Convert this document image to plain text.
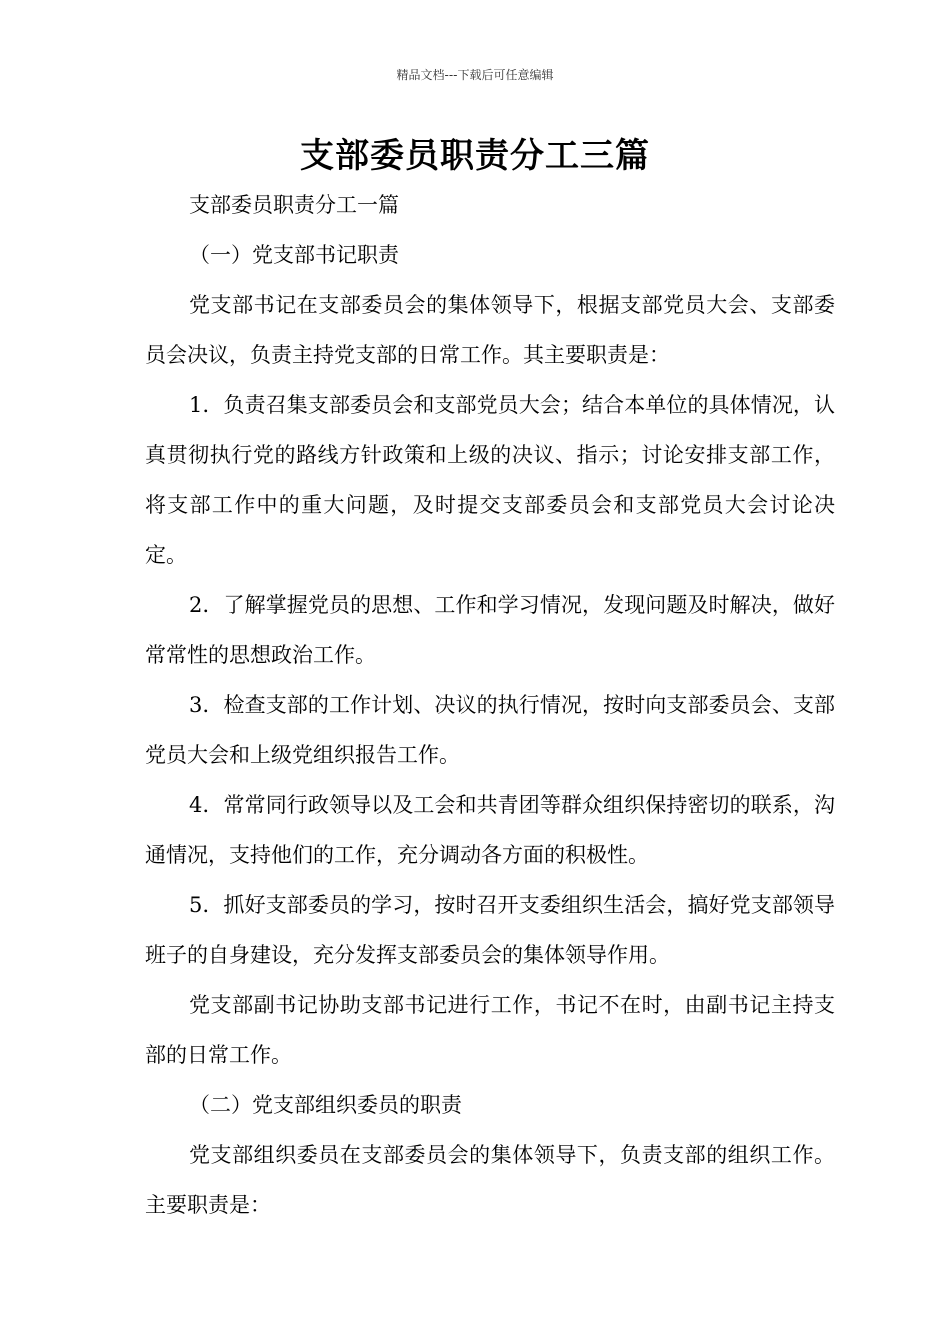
精品文档---下载后可任意编辑
支部委员职责分工三篇

支部委员职责分工一篇

（一）党支部书记职责

党支部书记在支部委员会的集体领导下，根据支部党员大会、支部委员会决议，负责主持党支部的日常工作。其主要职责是：

1．负责召集支部委员会和支部党员大会；结合本单位的具体情况，认真贯彻执行党的路线方针政策和上级的决议、指示；讨论安排支部工作，将支部工作中的重大问题，及时提交支部委员会和支部党员大会讨论决定。

2．了解掌握党员的思想、工作和学习情况，发现问题及时解决，做好常常性的思想政治工作。

3．检查支部的工作计划、决议的执行情况，按时向支部委员会、支部党员大会和上级党组织报告工作。

4．常常同行政领导以及工会和共青团等群众组织保持密切的联系，沟通情况，支持他们的工作，充分调动各方面的积极性。

5．抓好支部委员的学习，按时召开支委组织生活会，搞好党支部领导班子的自身建设，充分发挥支部委员会的集体领导作用。

党支部副书记协助支部书记进行工作，书记不在时，由副书记主持支部的日常工作。

（二）党支部组织委员的职责

党支部组织委员在支部委员会的集体领导下，负责支部的组织工作。主要职责是：
